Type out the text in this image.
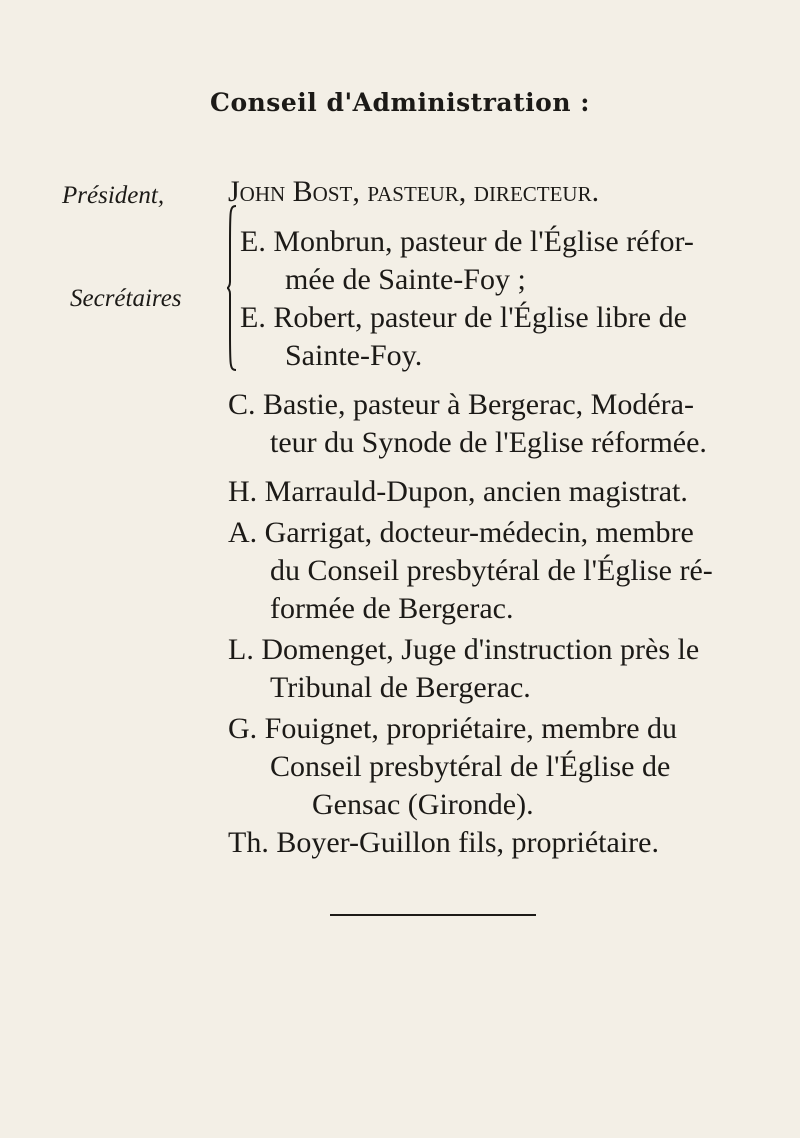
Conseil d'Administration :
Président, John Bost, pasteur, directeur.
Secrétaires
E. Monbrun, pasteur de l'Église réfor-
mée de Sainte-Foy ;
E. Robert, pasteur de l'Église libre de
Sainte-Foy.
C. Bastie, pasteur à Bergerac, Modéra-
teur du Synode de l'Eglise réformée.
H. Marrauld-Dupon, ancien magistrat.
A. Garrigat, docteur-médecin, membre
du Conseil presbytéral de l'Église ré-
formée de Bergerac.
L. Domenget, Juge d'instruction près le
Tribunal de Bergerac.
G. Fouignet, propriétaire, membre du
Conseil presbytéral de l'Église de
Gensac (Gironde).
Th. Boyer-Guillon fils, propriétaire.
